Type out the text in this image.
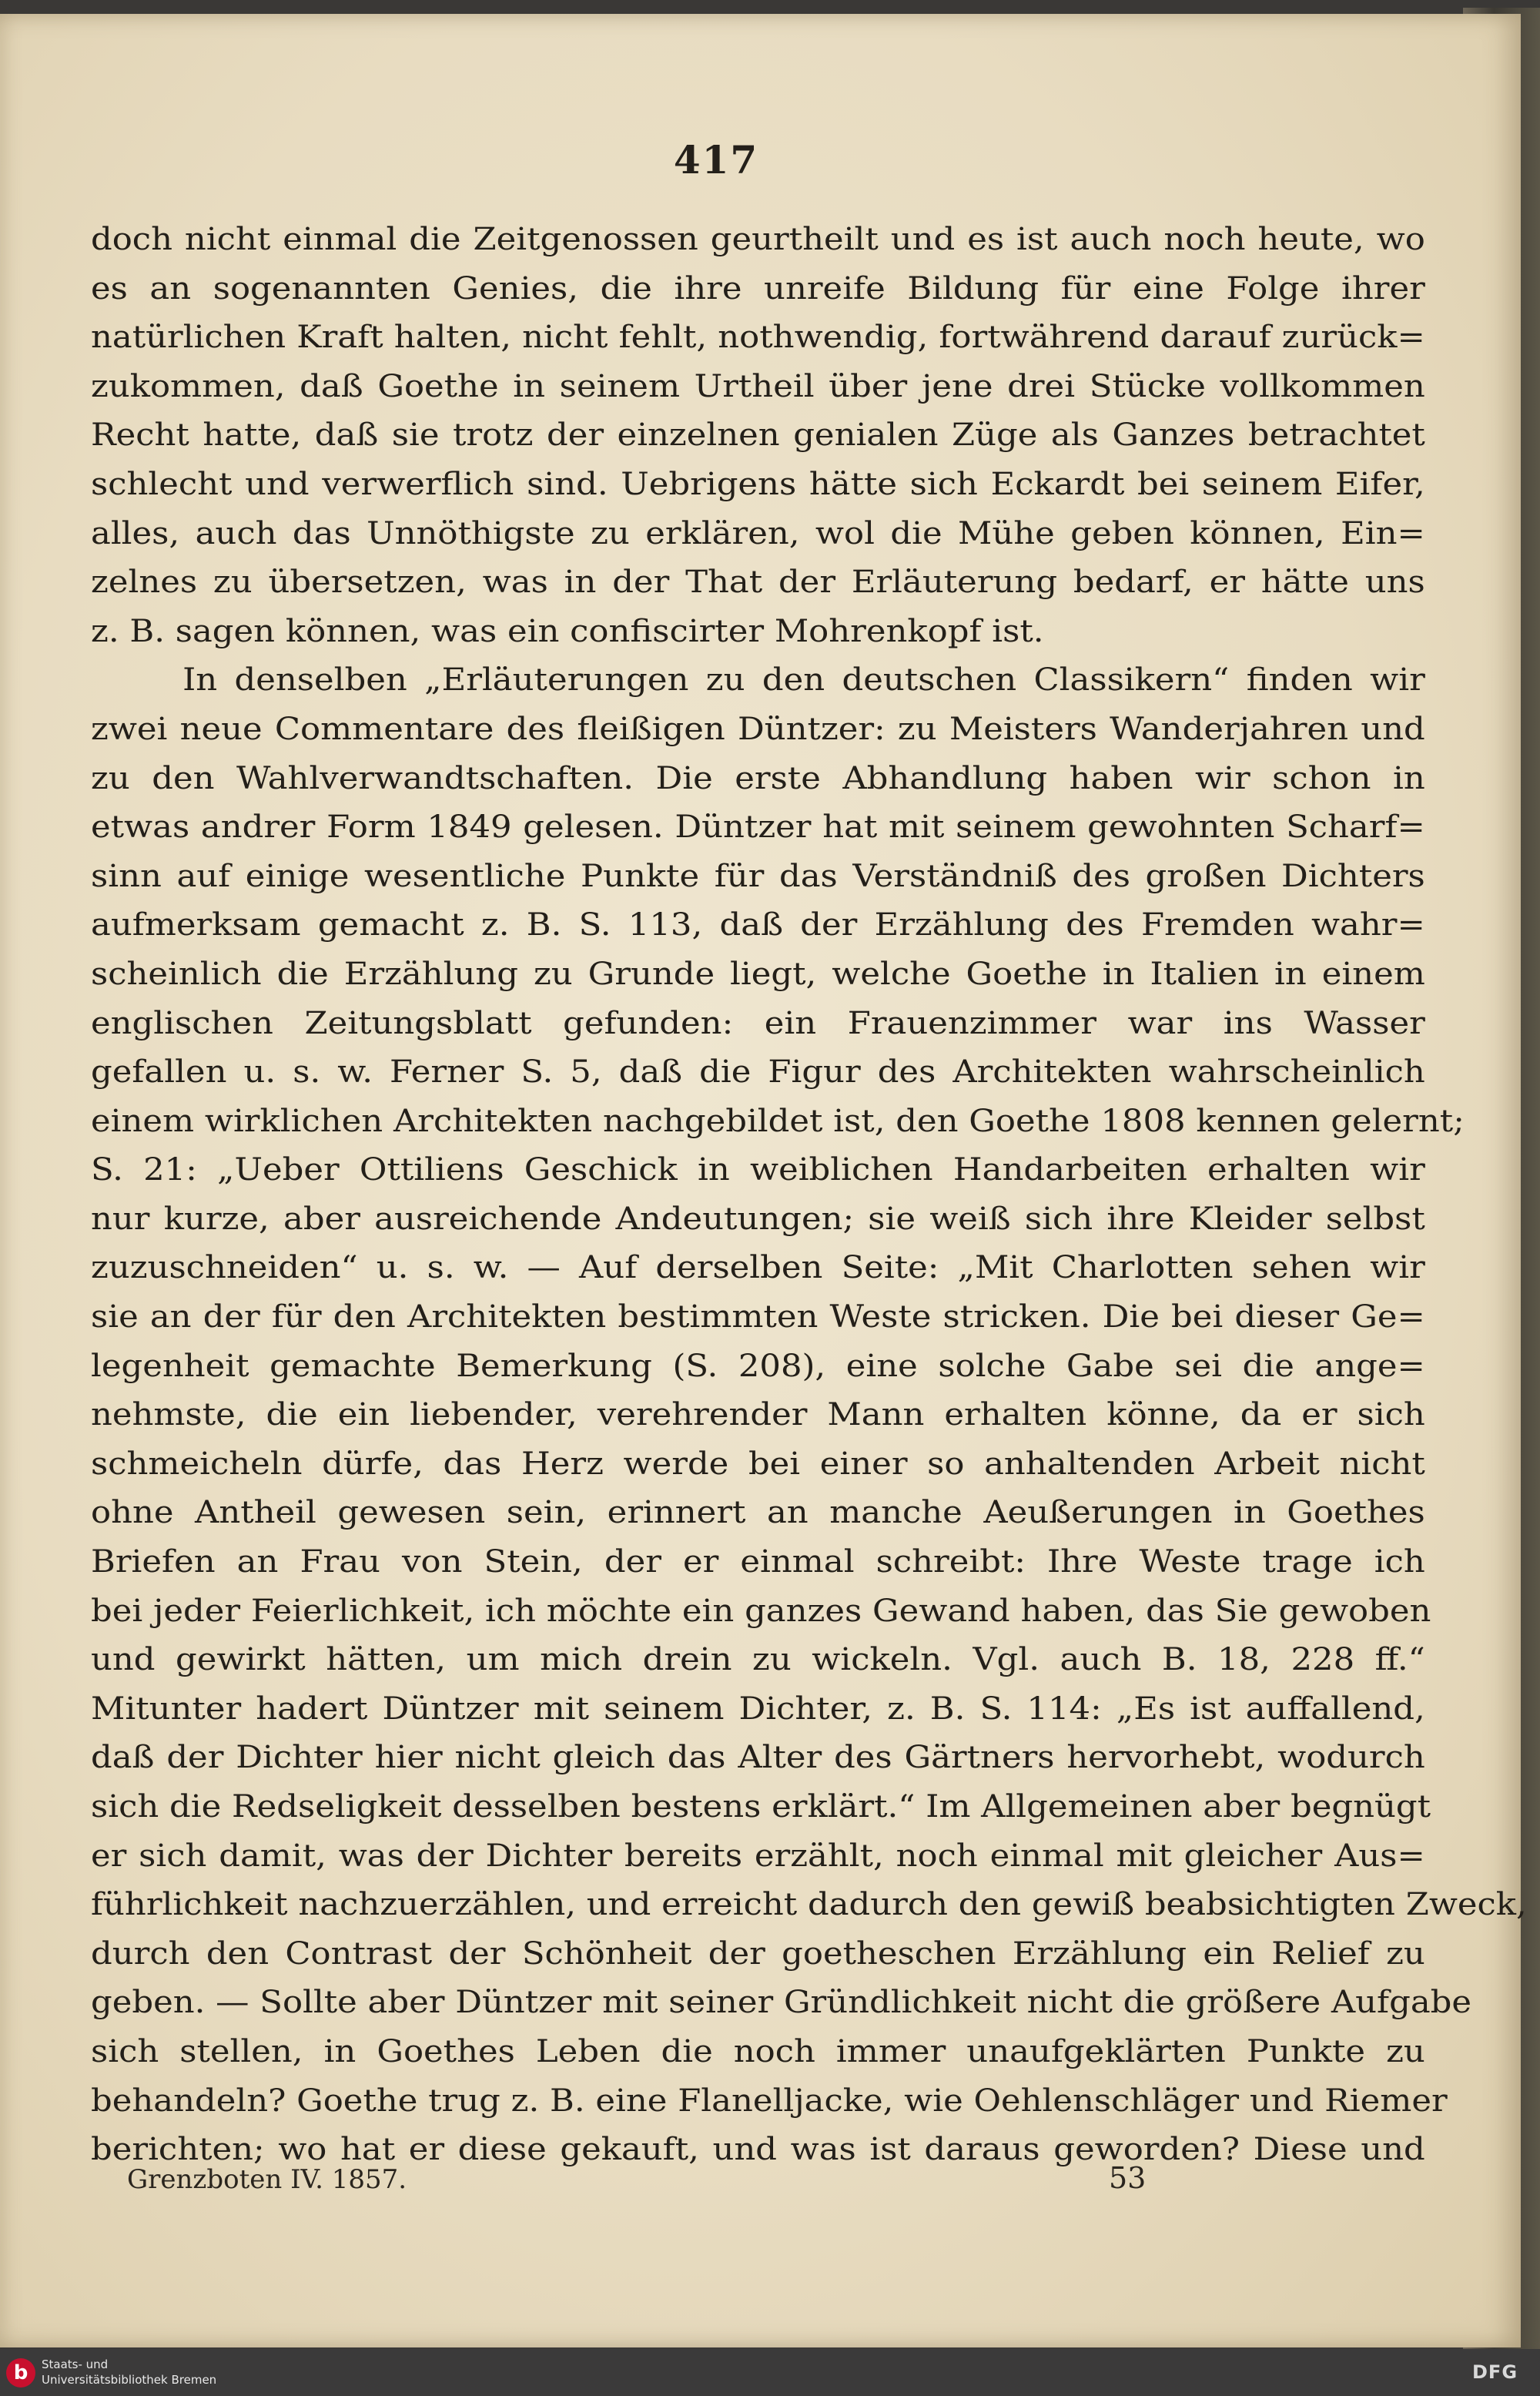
417
doch nicht einmal die Zeitgenossen geurtheilt und es ist auch noch heute, wo
es an sogenannten Genies, die ihre unreife Bildung für eine Folge ihrer
natürlichen Kraft halten, nicht fehlt, nothwendig, fortwährend darauf zurück=
zukommen, daß Goethe in seinem Urtheil über jene drei Stücke vollkommen
Recht hatte, daß sie trotz der einzelnen genialen Züge als Ganzes betrachtet
schlecht und verwerflich sind. Uebrigens hätte sich Eckardt bei seinem Eifer,
alles, auch das Unnöthigste zu erklären, wol die Mühe geben können, Ein=
zelnes zu übersetzen, was in der That der Erläuterung bedarf, er hätte uns
z. B. sagen können, was ein confiscirter Mohrenkopf ist.
In denselben „Erläuterungen zu den deutschen Classikern“ finden wir
zwei neue Commentare des fleißigen Düntzer: zu Meisters Wanderjahren und
zu den Wahlverwandtschaften. Die erste Abhandlung haben wir schon in
etwas andrer Form 1849 gelesen. Düntzer hat mit seinem gewohnten Scharf=
sinn auf einige wesentliche Punkte für das Verständniß des großen Dichters
aufmerksam gemacht z. B. S. 113, daß der Erzählung des Fremden wahr=
scheinlich die Erzählung zu Grunde liegt, welche Goethe in Italien in einem
englischen Zeitungsblatt gefunden: ein Frauenzimmer war ins Wasser
gefallen u. s. w. Ferner S. 5, daß die Figur des Architekten wahrscheinlich
einem wirklichen Architekten nachgebildet ist, den Goethe 1808 kennen gelernt;
S. 21: „Ueber Ottiliens Geschick in weiblichen Handarbeiten erhalten wir
nur kurze, aber ausreichende Andeutungen; sie weiß sich ihre Kleider selbst
zuzuschneiden“ u. s. w. — Auf derselben Seite: „Mit Charlotten sehen wir
sie an der für den Architekten bestimmten Weste stricken. Die bei dieser Ge=
legenheit gemachte Bemerkung (S. 208), eine solche Gabe sei die ange=
nehmste, die ein liebender, verehrender Mann erhalten könne, da er sich
schmeicheln dürfe, das Herz werde bei einer so anhaltenden Arbeit nicht
ohne Antheil gewesen sein, erinnert an manche Aeußerungen in Goethes
Briefen an Frau von Stein, der er einmal schreibt: Ihre Weste trage ich
bei jeder Feierlichkeit, ich möchte ein ganzes Gewand haben, das Sie gewoben
und gewirkt hätten, um mich drein zu wickeln. Vgl. auch B. 18, 228 ff.“
Mitunter hadert Düntzer mit seinem Dichter, z. B. S. 114: „Es ist auffallend,
daß der Dichter hier nicht gleich das Alter des Gärtners hervorhebt, wodurch
sich die Redseligkeit desselben bestens erklärt.“ Im Allgemeinen aber begnügt
er sich damit, was der Dichter bereits erzählt, noch einmal mit gleicher Aus=
führlichkeit nachzuerzählen, und erreicht dadurch den gewiß beabsichtigten Zweck,
durch den Contrast der Schönheit der goetheschen Erzählung ein Relief zu
geben. — Sollte aber Düntzer mit seiner Gründlichkeit nicht die größere Aufgabe
sich stellen, in Goethes Leben die noch immer unaufgeklärten Punkte zu
behandeln? Goethe trug z. B. eine Flanelljacke, wie Oehlenschläger und Riemer
berichten; wo hat er diese gekauft, und was ist daraus geworden? Diese und
Grenzboten IV. 1857.	53
b	Staats- und
Universitätsbibliothek Bremen	DFG
